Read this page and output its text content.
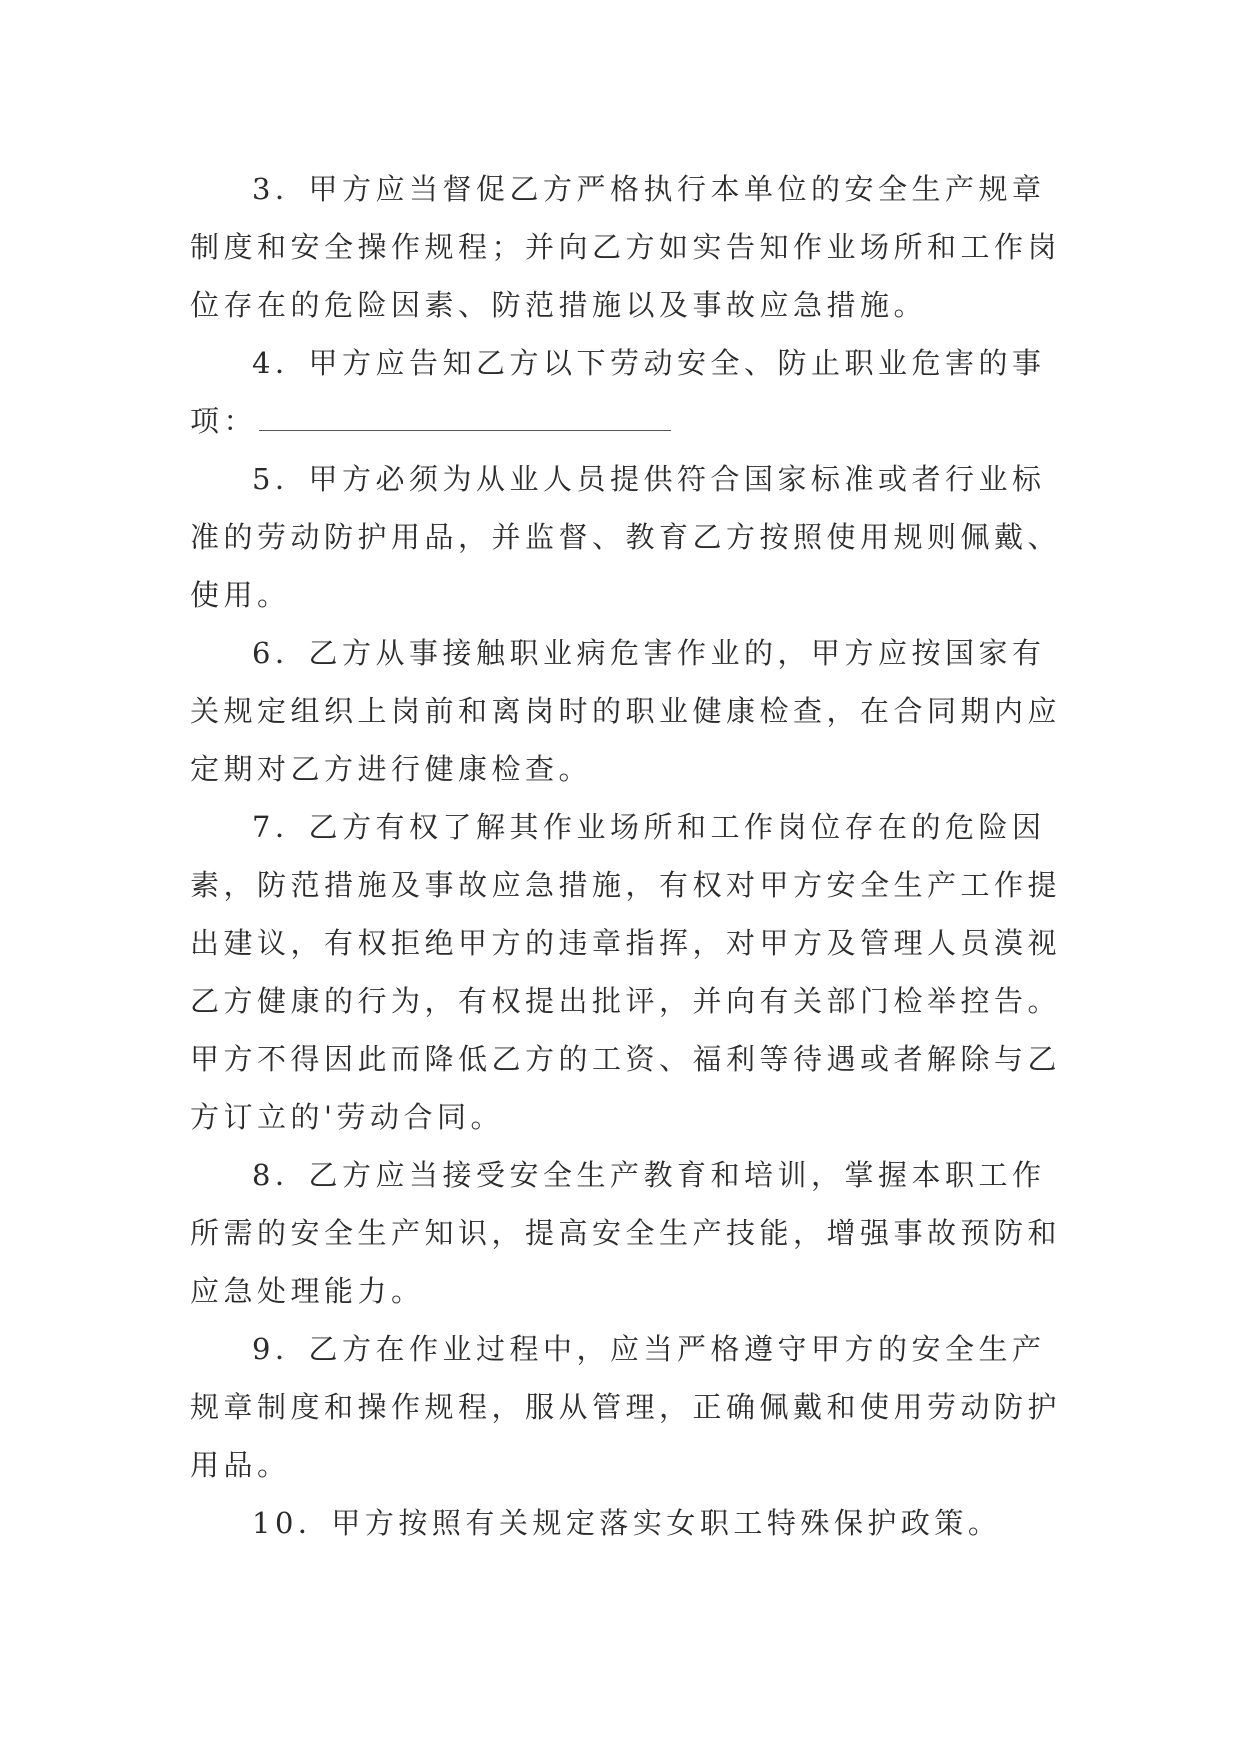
3．甲方应当督促乙方严格执行本单位的安全生产规章制度和安全操作规程；并向乙方如实告知作业场所和工作岗位存在的危险因素、防范措施以及事故应急措施。

4．甲方应告知乙方以下劳动安全、防止职业危害的事项：

5．甲方必须为从业人员提供符合国家标准或者行业标准的劳动防护用品，并监督、教育乙方按照使用规则佩戴、使用。

6．乙方从事接触职业病危害作业的，甲方应按国家有关规定组织上岗前和离岗时的职业健康检查，在合同期内应定期对乙方进行健康检查。

7．乙方有权了解其作业场所和工作岗位存在的危险因素，防范措施及事故应急措施，有权对甲方安全生产工作提出建议，有权拒绝甲方的违章指挥，对甲方及管理人员漠视乙方健康的行为，有权提出批评，并向有关部门检举控告。甲方不得因此而降低乙方的工资、福利等待遇或者解除与乙方订立的'劳动合同。

8．乙方应当接受安全生产教育和培训，掌握本职工作所需的安全生产知识，提高安全生产技能，增强事故预防和应急处理能力。

9．乙方在作业过程中，应当严格遵守甲方的安全生产规章制度和操作规程，服从管理，正确佩戴和使用劳动防护用品。

10．甲方按照有关规定落实女职工特殊保护政策。
